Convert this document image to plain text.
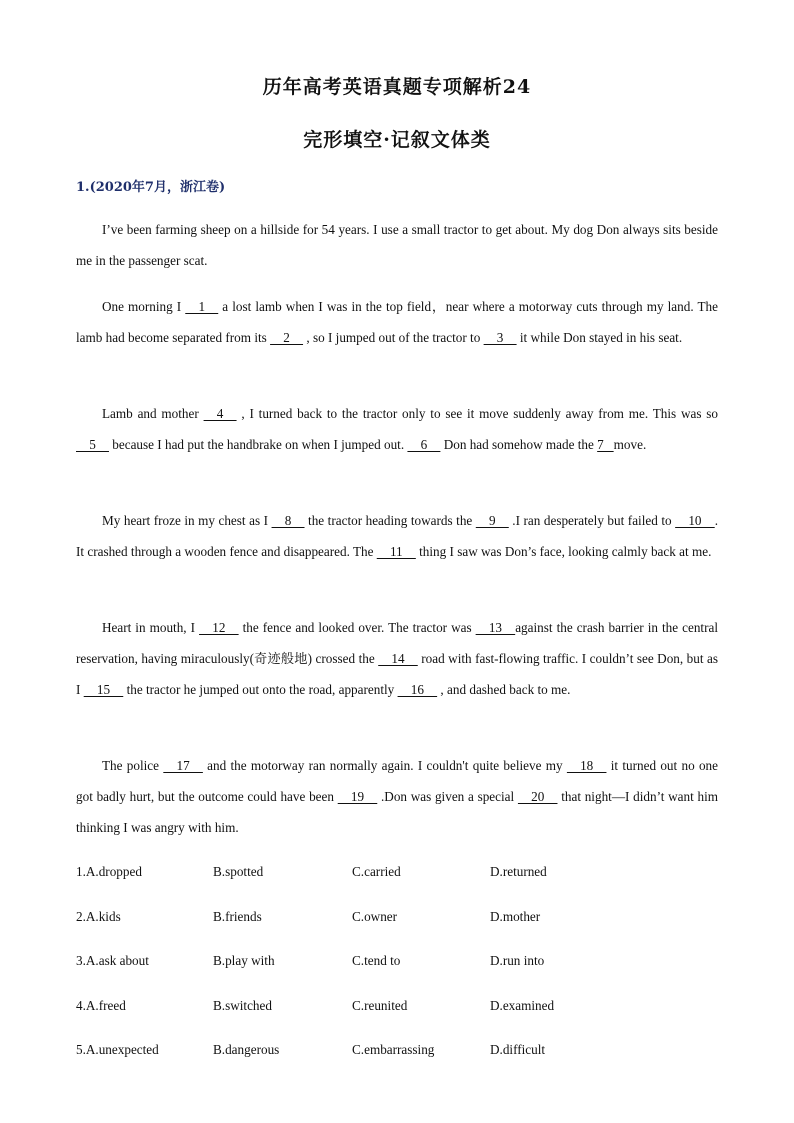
历年高考英语真题专项解析24
完形填空·记叙文体类
1.(2020年7月，浙江卷)
I’ve been farming sheep on a hillside for 54 years. I use a small tractor to get about. My dog Don always sits beside me in the passenger scat.
One morning I     1     a lost lamb when I was in the top field，near where a motorway cuts through my land. The lamb had become separated from its     2     , so I jumped out of the tractor to     3     it while Don stayed in his seat.
Lamb and mother     4     , I turned back to the tractor only to see it move suddenly away from me. This was so     5     because I had put the handbrake on when I jumped out.     6     Don had somehow made the 7   move.
My heart froze in my chest as I     8     the tractor heading towards the     9     .I ran desperately but failed to     10    . It crashed through a wooden fence and disappeared. The     11     thing I saw was Don’s face, looking calmly back at me.
Heart in mouth, I     12     the fence and looked over. The tractor was     13    against the crash barrier in the central reservation, having miraculously(奇迹般地) crossed the     14     road with fast-flowing traffic. I couldn’t see Don, but as I     15     the tractor he jumped out onto the road, apparently     16     , and dashed back to me.
The police     17     and the motorway ran normally again. I couldn't quite believe my     18     it turned out no one got badly hurt, but the outcome could have been     19     .Don was given a special     20     that night—I didn’t want him thinking I was angry with him.
1.A.dropped	B.spotted	C.carried	D.returned
2.A.kids	B.friends	C.owner	D.mother
3.A.ask about	B.play with	C.tend to	D.run into
4.A.freed	B.switched	C.reunited	D.examined
5.A.unexpected	B.dangerous	C.embarrassing	D.difficult
